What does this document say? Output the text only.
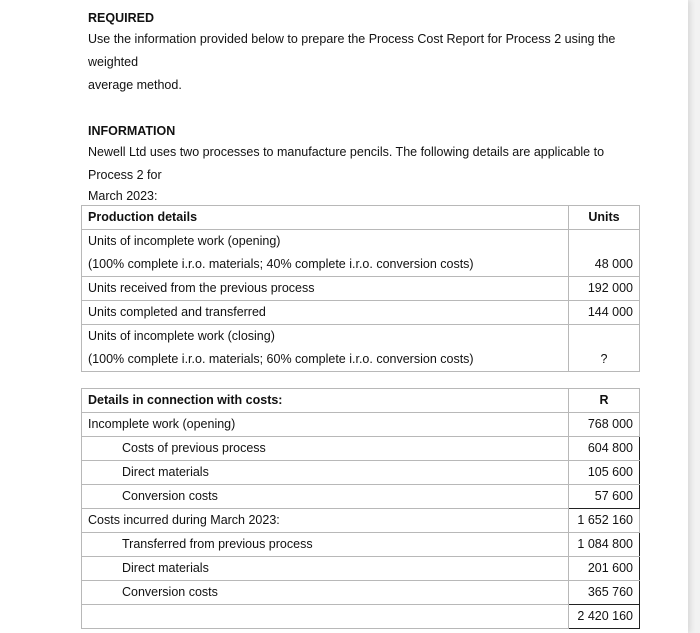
REQUIRED

Use the information provided below to prepare the Process Cost Report for Process 2 using the weighted

average method.

INFORMATION

Newell Ltd uses two processes to manufacture pencils. The following details are applicable to Process 2 for

March 2023:

Production details	Units
Units of incomplete work (opening)	
(100% complete i.r.o. materials; 40% complete i.r.o. conversion costs)	48 000
Units received from the previous process	192 000
Units completed and transferred	144 000
Units of incomplete work (closing)	
(100% complete i.r.o. materials; 60% complete i.r.o. conversion costs)	?
Details in connection with costs:	R
Incomplete work (opening)	768 000
Costs of previous process	604 800
Direct materials	105 600
Conversion costs	57 600
Costs incurred during March 2023:	1 652 160
Transferred from previous process	1 084 800
Direct materials	201 600
Conversion costs	365 760
	2 420 160
